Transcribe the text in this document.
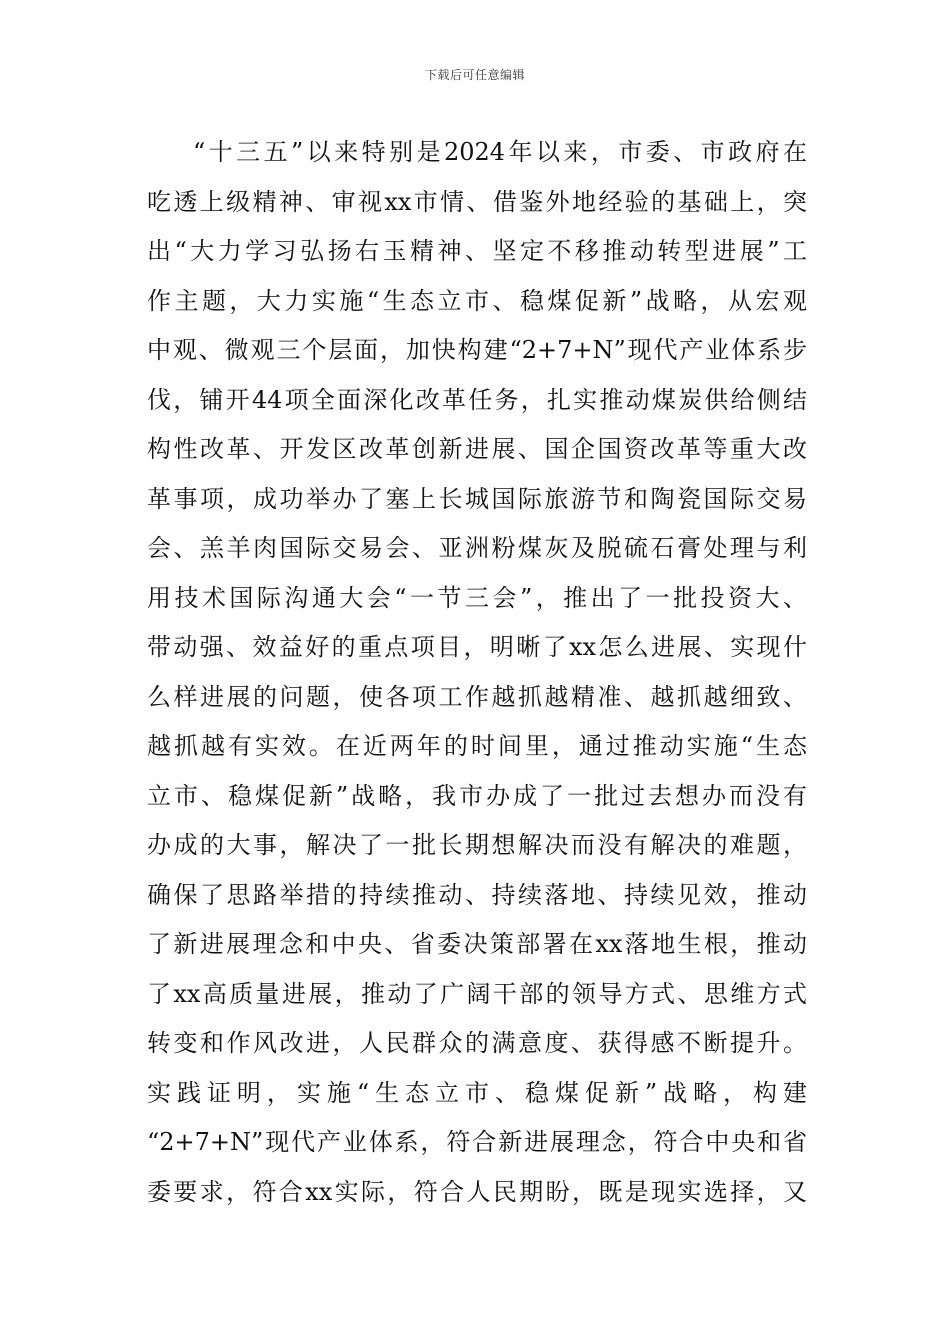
下载后可任意编辑
“十三五”以来特别是2024年以来，市委、市政府在
吃透上级精神、审视xx市情、借鉴外地经验的基础上，突
出“大力学习弘扬右玉精神、坚定不移推动转型进展”工
作主题，大力实施“生态立市、稳煤促新”战略，从宏观
中观、微观三个层面，加快构建“2+7+N”现代产业体系步
伐，铺开44项全面深化改革任务，扎实推动煤炭供给侧结
构性改革、开发区改革创新进展、国企国资改革等重大改
革事项，成功举办了塞上长城国际旅游节和陶瓷国际交易
会、羔羊肉国际交易会、亚洲粉煤灰及脱硫石膏处理与利
用技术国际沟通大会“一节三会”，推出了一批投资大、
带动强、效益好的重点项目，明晰了xx怎么进展、实现什
么样进展的问题，使各项工作越抓越精准、越抓越细致、
越抓越有实效。在近两年的时间里，通过推动实施“生态
立市、稳煤促新”战略，我市办成了一批过去想办而没有
办成的大事，解决了一批长期想解决而没有解决的难题，
确保了思路举措的持续推动、持续落地、持续见效，推动
了新进展理念和中央、省委决策部署在xx落地生根，推动
了xx高质量进展，推动了广阔干部的领导方式、思维方式
转变和作风改进，人民群众的满意度、获得感不断提升。
实践证明，实施“生态立市、稳煤促新”战略，构建
“2+7+N”现代产业体系，符合新进展理念，符合中央和省
委要求，符合xx实际，符合人民期盼，既是现实选择，又
